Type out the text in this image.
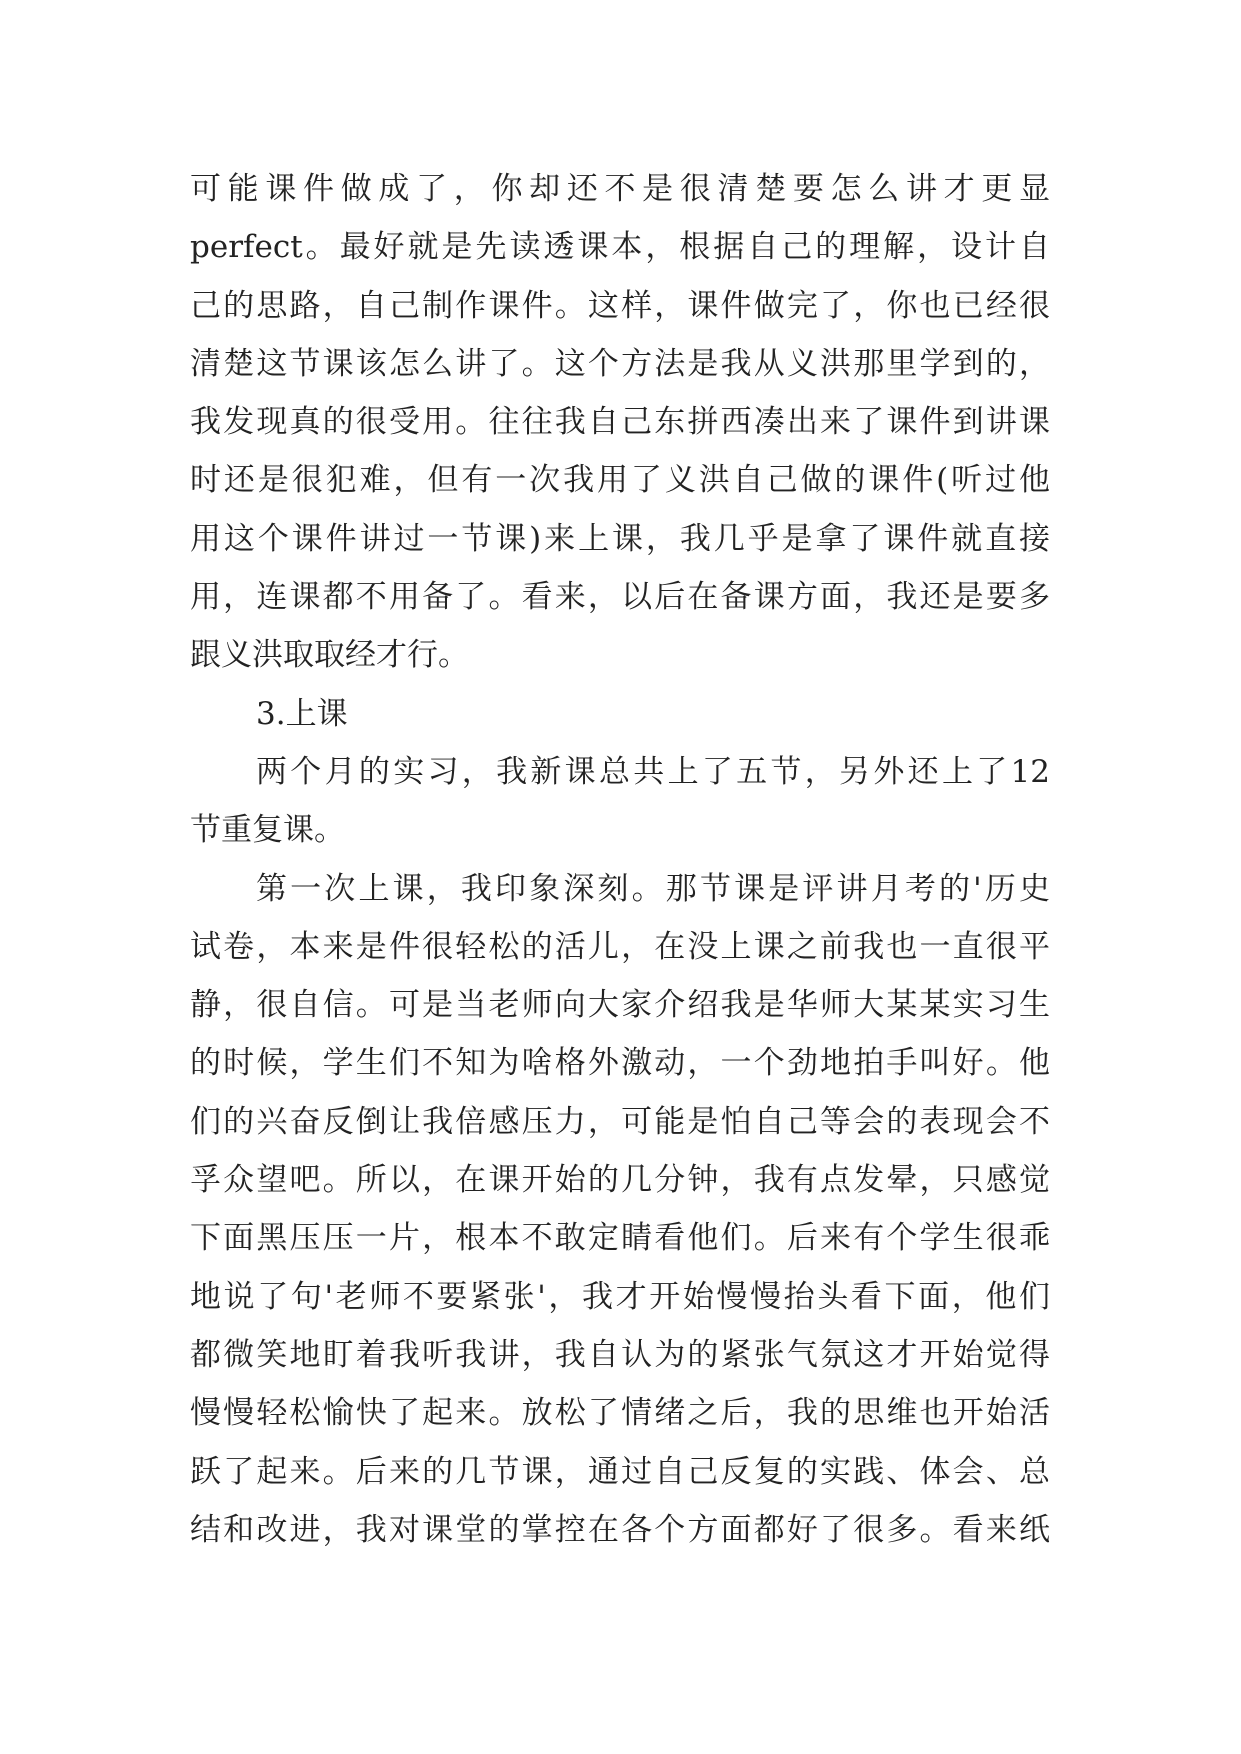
可能课件做成了，你却还不是很清楚要怎么讲才更显
perfect。最好就是先读透课本，根据自己的理解，设计自
己的思路，自己制作课件。这样，课件做完了，你也已经很
清楚这节课该怎么讲了。这个方法是我从义洪那里学到的，
我发现真的很受用。往往我自己东拼西凑出来了课件到讲课
时还是很犯难，但有一次我用了义洪自己做的课件(听过他
用这个课件讲过一节课)来上课，我几乎是拿了课件就直接
用，连课都不用备了。看来，以后在备课方面，我还是要多
跟义洪取取经才行。
3.上课
两个月的实习，我新课总共上了五节，另外还上了12
节重复课。
第一次上课，我印象深刻。那节课是评讲月考的'历史
试卷，本来是件很轻松的活儿，在没上课之前我也一直很平
静，很自信。可是当老师向大家介绍我是华师大某某实习生
的时候，学生们不知为啥格外激动，一个劲地拍手叫好。他
们的兴奋反倒让我倍感压力，可能是怕自己等会的表现会不
孚众望吧。所以，在课开始的几分钟，我有点发晕，只感觉
下面黑压压一片，根本不敢定睛看他们。后来有个学生很乖
地说了句'老师不要紧张'，我才开始慢慢抬头看下面，他们
都微笑地盯着我听我讲，我自认为的紧张气氛这才开始觉得
慢慢轻松愉快了起来。放松了情绪之后，我的思维也开始活
跃了起来。后来的几节课，通过自己反复的实践、体会、总
结和改进，我对课堂的掌控在各个方面都好了很多。看来纸
